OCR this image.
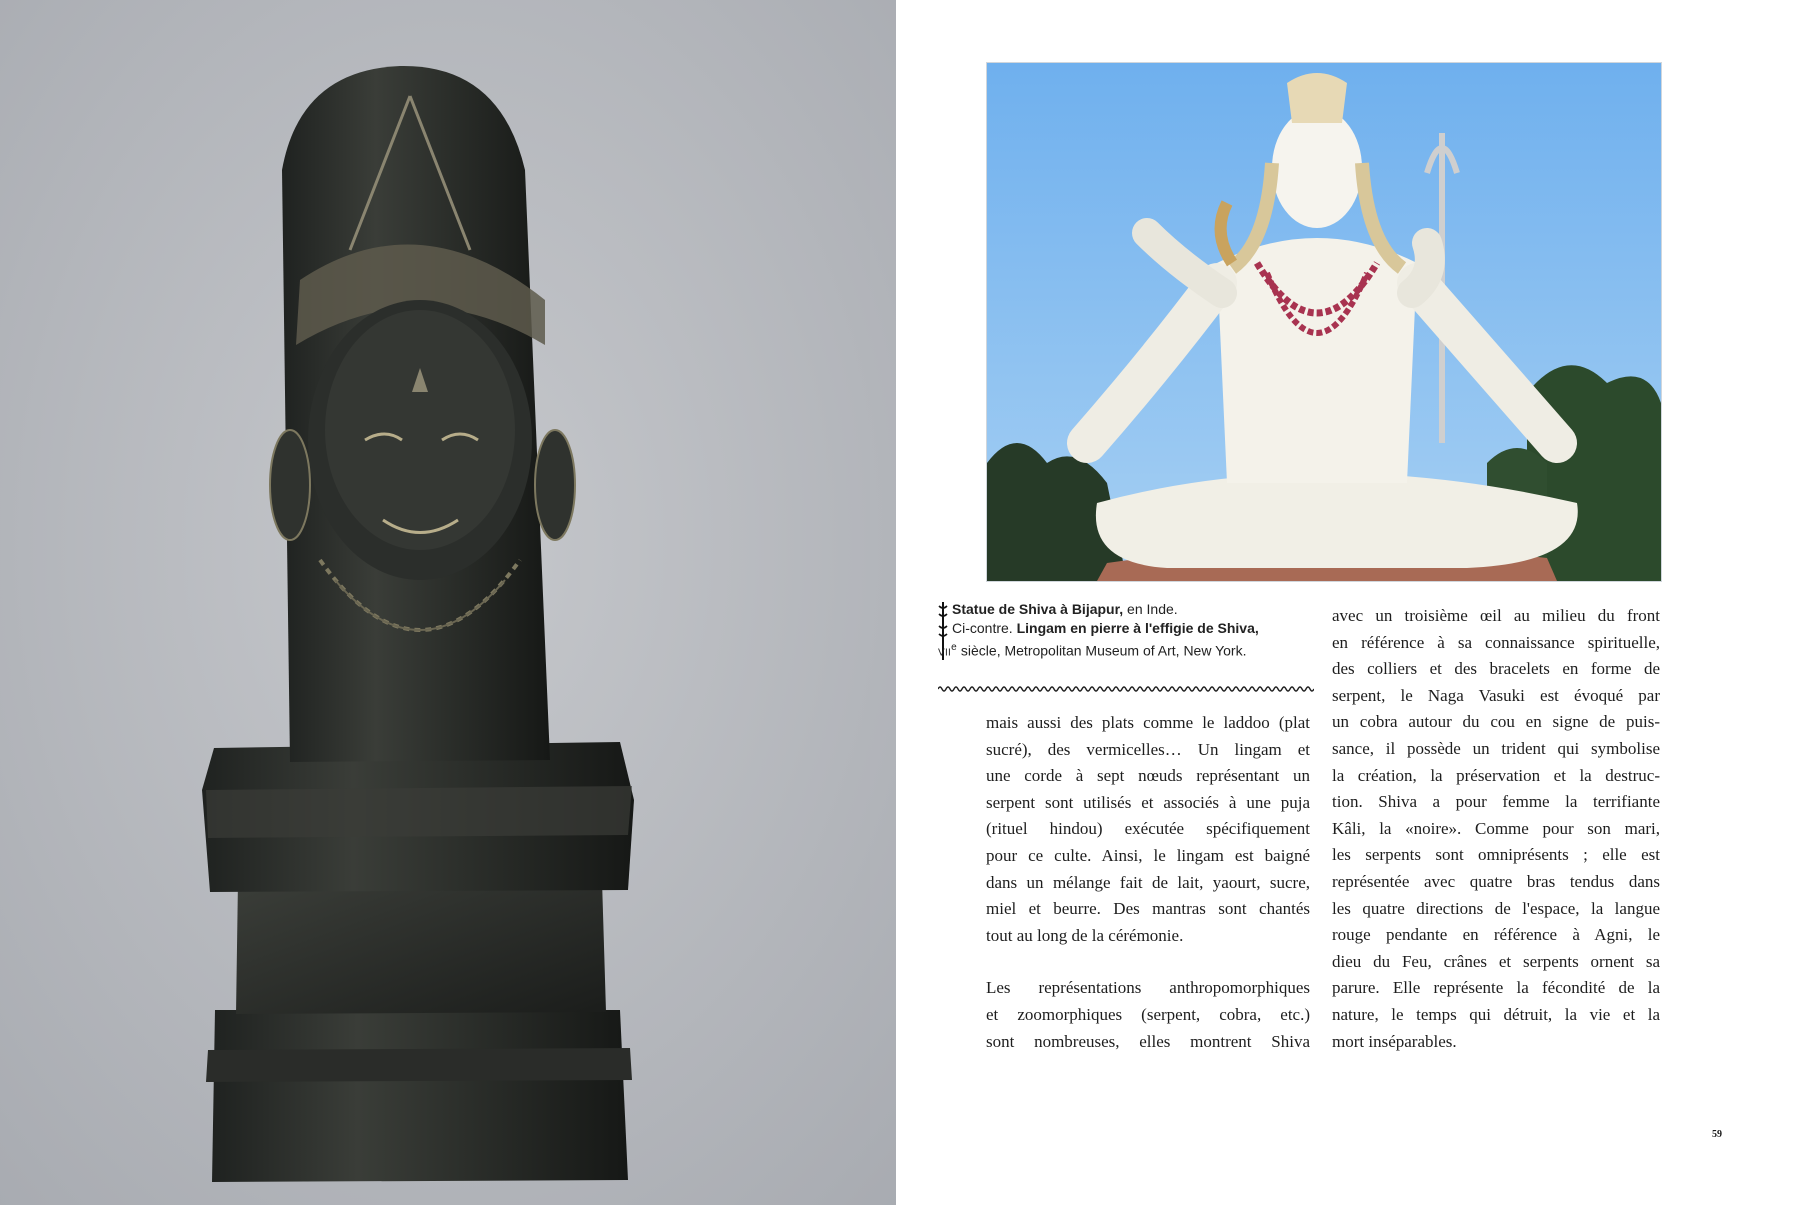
Statue de Shiva à Bijapur, en Inde.
Ci-contre. Lingam en pierre à l'effigie de Shiva,
VIIe siècle, Metropolitan Museum of Art, New York.
mais aussi des plats comme le laddoo (plat
sucré), des vermicelles… Un lingam et
une corde à sept nœuds représentant un
serpent sont utilisés et associés à une puja
(rituel hindou) exécutée spécifiquement
pour ce culte. Ainsi, le lingam est baigné
dans un mélange fait de lait, yaourt, sucre,
miel et beurre. Des mantras sont chantés
tout au long de la cérémonie.
Les représentations anthropomorphiques
et zoomorphiques (serpent, cobra, etc.)
sont nombreuses, elles montrent Shiva
avec un troisième œil au milieu du front
en référence à sa connaissance spirituelle,
des colliers et des bracelets en forme de
serpent, le Naga Vasuki est évoqué par
un cobra autour du cou en signe de puis-
sance, il possède un trident qui symbolise
la création, la préservation et la destruc-
tion. Shiva a pour femme la terrifiante
Kâli, la «noire». Comme pour son mari,
les serpents sont omniprésents ; elle est
représentée avec quatre bras tendus dans
les quatre directions de l'espace, la langue
rouge pendante en référence à Agni, le
dieu du Feu, crânes et serpents ornent sa
parure. Elle représente la fécondité de la
nature, le temps qui détruit, la vie et la
mort inséparables.
59
